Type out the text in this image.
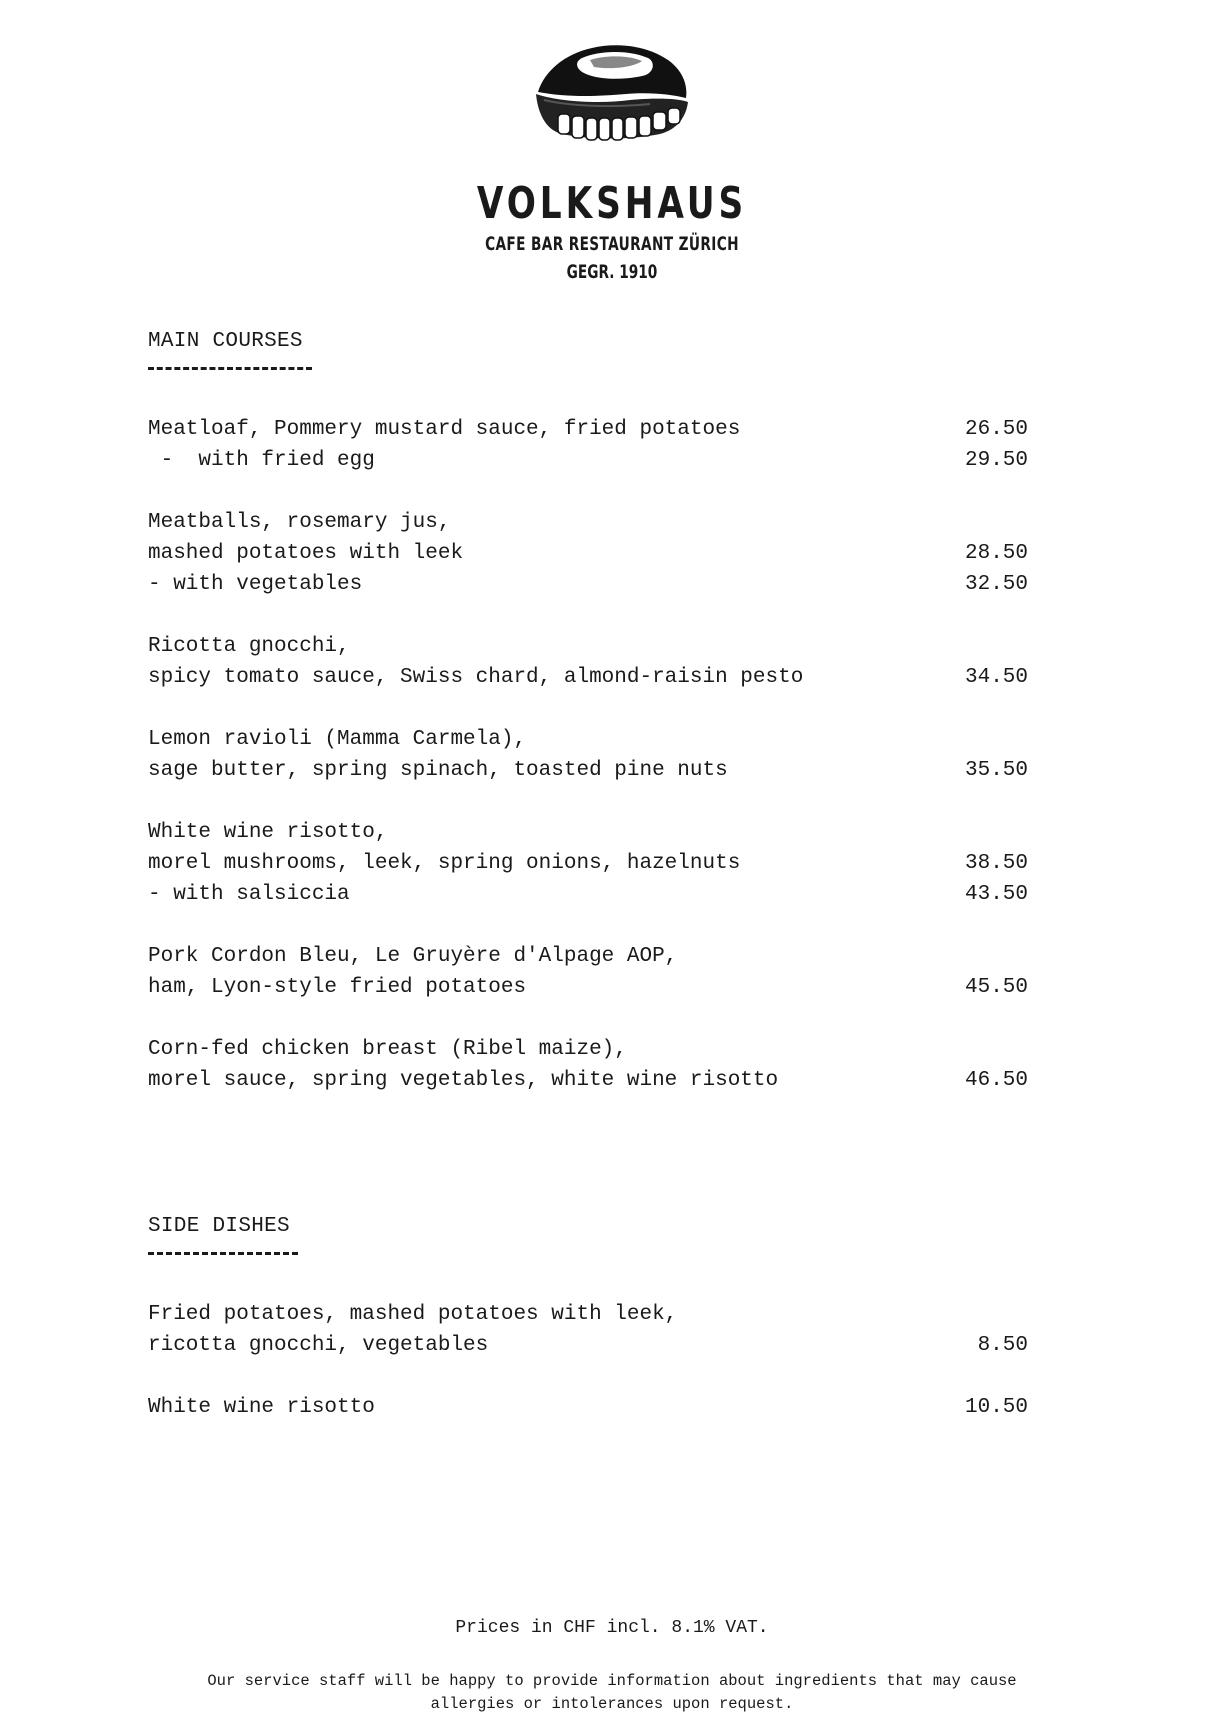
VOLKSHAUS
CAFE BAR RESTAURANT ZÜRICH
GEGR. 1910
MAIN COURSES
Meatloaf, Pommery mustard sauce, fried potatoes	26.50
-  with fried egg	29.50
Meatballs, rosemary jus,
mashed potatoes with leek	28.50
- with vegetables	32.50
Ricotta gnocchi,
spicy tomato sauce, Swiss chard, almond-raisin pesto	34.50
Lemon ravioli (Mamma Carmela),
sage butter, spring spinach, toasted pine nuts	35.50
White wine risotto,
morel mushrooms, leek, spring onions, hazelnuts	38.50
- with salsiccia	43.50
Pork Cordon Bleu, Le Gruyère d'Alpage AOP,
ham, Lyon-style fried potatoes	45.50
Corn-fed chicken breast (Ribel maize),
morel sauce, spring vegetables, white wine risotto	46.50
SIDE DISHES
Fried potatoes, mashed potatoes with leek,
ricotta gnocchi, vegetables	8.50
White wine risotto	10.50
Prices in CHF incl. 8.1% VAT.
Our service staff will be happy to provide information about ingredients that may cause
allergies or intolerances upon request.
